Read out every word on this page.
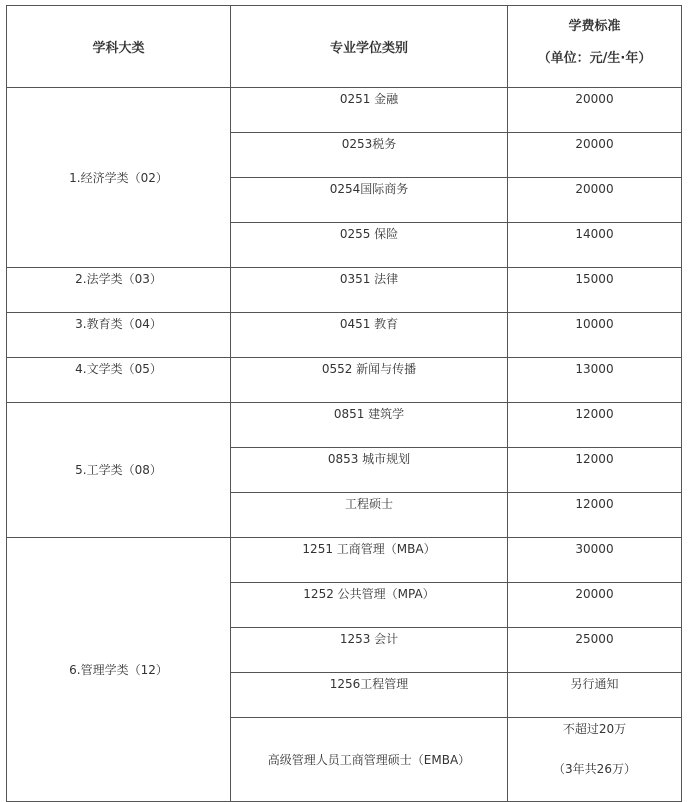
学科大类	专业学位类别	学费标准
（单位：元/生·年）

1.经济学类（02）	0251 金融	20000
	0253税务	20000
	0254国际商务	20000
	0255 保险	14000
2.法学类（03）	0351 法律	15000
3.教育类（04）	0451 教育	10000
4.文学类（05）	0552 新闻与传播	13000
5.工学类（08）	0851 建筑学	12000
	0853 城市规划	12000
	工程硕士	12000
6.管理学类（12）	1251 工商管理（MBA）	30000
	1252 公共管理（MPA）	20000
	1253 会计	25000
	1256工程管理	另行通知
	高级管理人员工商管理硕士（EMBA）	不超过20万
（3年共26万）
